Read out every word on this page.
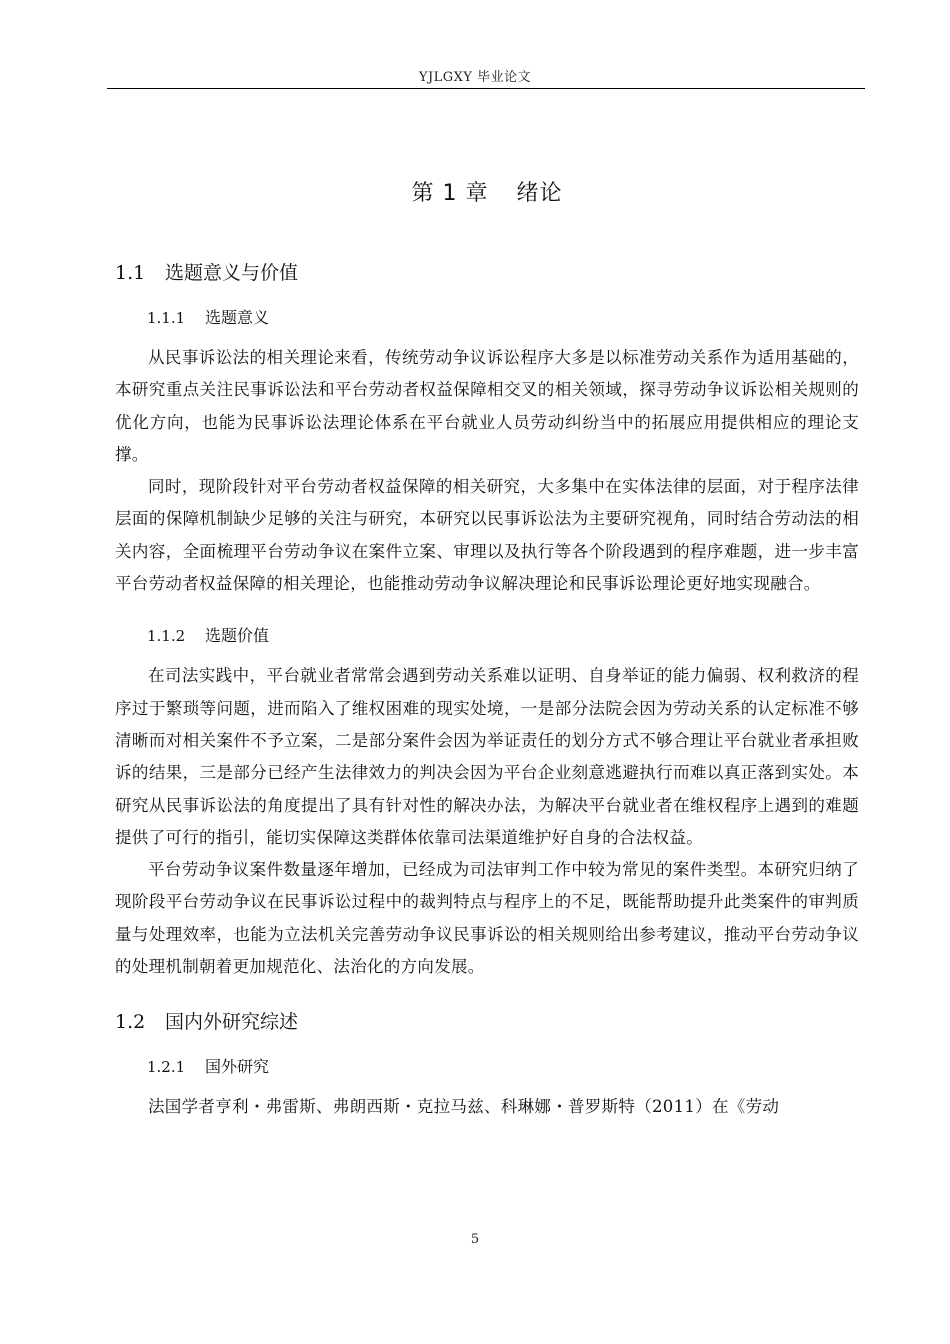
YJLGXY 毕业论文
第 1 章 绪论
1.1 选题意义与价值
1.1.1 选题意义

从民事诉讼法的相关理论来看，传统劳动争议诉讼程序大多是以标准劳动关系作为适用基础的，本研究重点关注民事诉讼法和平台劳动者权益保障相交叉的相关领域，探寻劳动争议诉讼相关规则的优化方向，也能为民事诉讼法理论体系在平台就业人员劳动纠纷当中的拓展应用提供相应的理论支撑。

同时，现阶段针对平台劳动者权益保障的相关研究，大多集中在实体法律的层面，对于程序法律层面的保障机制缺少足够的关注与研究，本研究以民事诉讼法为主要研究视角，同时结合劳动法的相关内容，全面梳理平台劳动争议在案件立案、审理以及执行等各个阶段遇到的程序难题，进一步丰富平台劳动者权益保障的相关理论，也能推动劳动争议解决理论和民事诉讼理论更好地实现融合。

1.1.2 选题价值

在司法实践中，平台就业者常常会遇到劳动关系难以证明、自身举证的能力偏弱、权利救济的程序过于繁琐等问题，进而陷入了维权困难的现实处境，一是部分法院会因为劳动关系的认定标准不够清晰而对相关案件不予立案，二是部分案件会因为举证责任的划分方式不够合理让平台就业者承担败诉的结果，三是部分已经产生法律效力的判决会因为平台企业刻意逃避执行而难以真正落到实处。本研究从民事诉讼法的角度提出了具有针对性的解决办法，为解决平台就业者在维权程序上遇到的难题提供了可行的指引，能切实保障这类群体依靠司法渠道维护好自身的合法权益。

平台劳动争议案件数量逐年增加，已经成为司法审判工作中较为常见的案件类型。本研究归纳了现阶段平台劳动争议在民事诉讼过程中的裁判特点与程序上的不足，既能帮助提升此类案件的审判质量与处理效率，也能为立法机关完善劳动争议民事诉讼的相关规则给出参考建议，推动平台劳动争议的处理机制朝着更加规范化、法治化的方向发展。

1.2 国内外研究综述
1.2.1 国外研究

法国学者亨利・弗雷斯、弗朗西斯・克拉马兹、科琳娜・普罗斯特（2011）在《劳动

5
